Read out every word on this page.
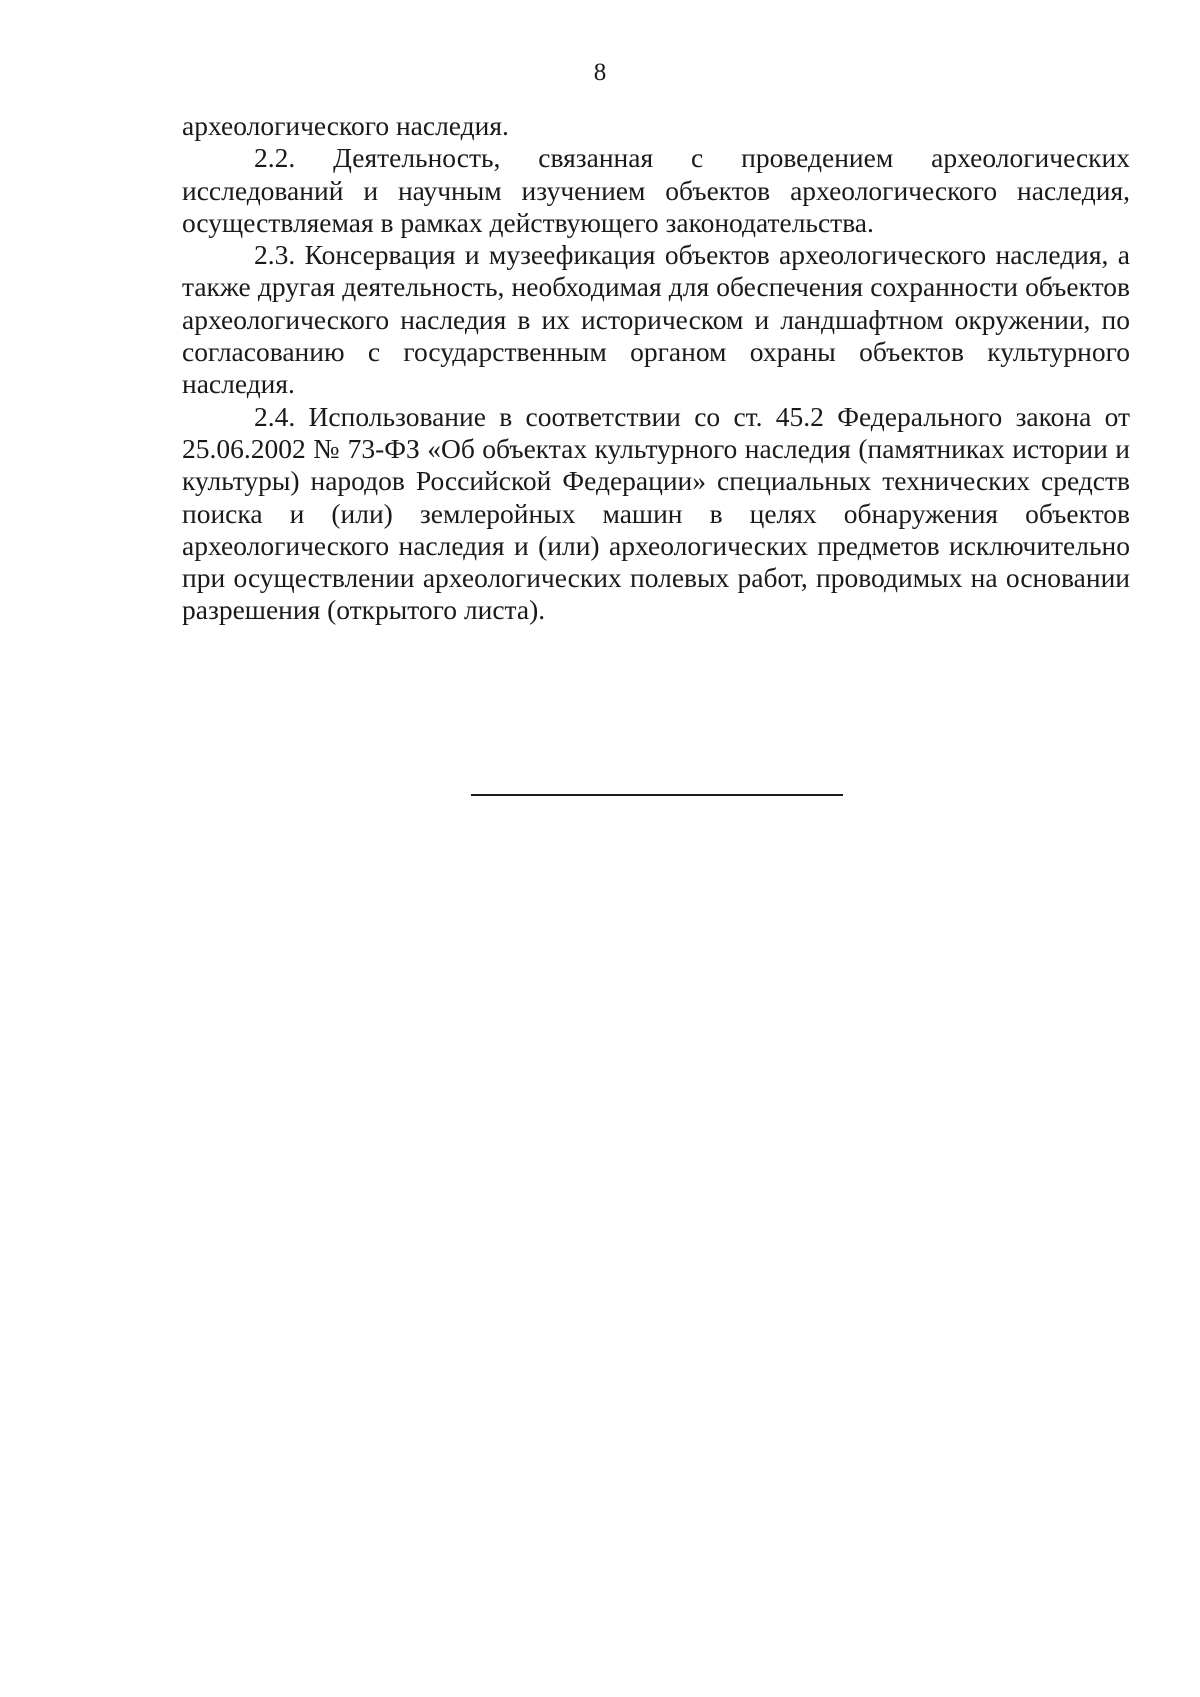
8

археологического наследия.

2.2. Деятельность, связанная с проведением археологических исследований и научным изучением объектов археологического наследия, осуществляемая в рамках действующего законодательства.

2.3. Консервация и музеефикация объектов археологического наследия, а также другая деятельность, необходимая для обеспечения сохранности объектов археологического наследия в их историческом и ландшафтном окружении, по согласованию с государственным органом охраны объектов культурного наследия.

2.4. Использование в соответствии со ст. 45.2 Федерального закона от 25.06.2002 № 73-ФЗ «Об объектах культурного наследия (памятниках истории и культуры) народов Российской Федерации» специальных технических средств поиска и (или) землеройных машин в целях обнаружения объектов археологического наследия и (или) археологических предметов исключительно при осуществлении археологических полевых работ, проводимых на основании разрешения (открытого листа).
